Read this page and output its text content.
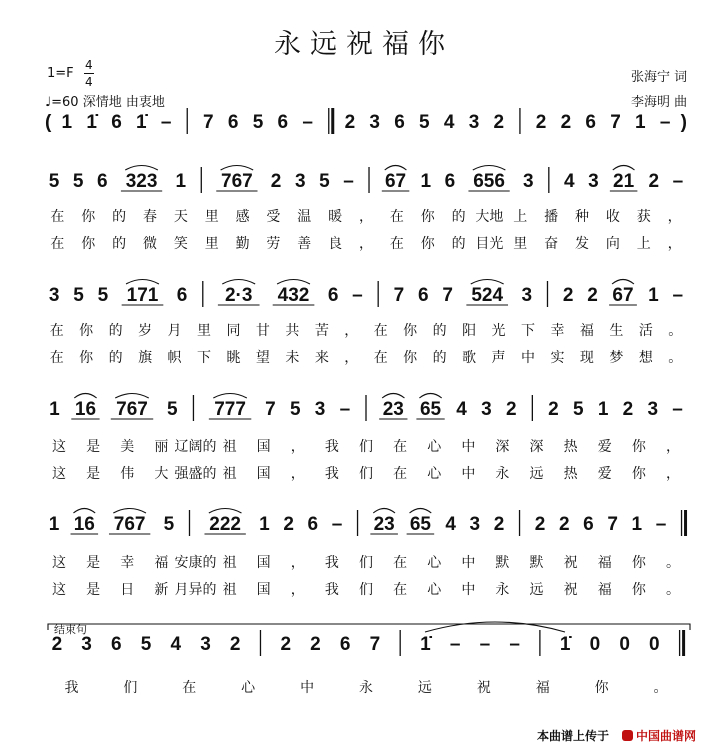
永远祝福你
1=F
4
4
♩=60 深情地 由衷地
张海宁 词
李海明 曲
( 1 1̇ 6 1̇ – 7 6 5 6 – 2 3 6 5 4 3 2 2 2 6 7 1 – )
5 5 6 323 1 767 2 3 5 – 67 1 6 656 3 4 3 21 2 –
3 5 5 171 6 2·3 432 6 – 7 6 7 524 3 2 2 67 1 –
1 16 767 5 777 7 5 3 – 23 65 4 3 2 2 5 1 2 3 –
1 16 767 5 222 1 2 6 – 23 65 4 3 2 2 2 6 7 1 –
2 3 6 5 4 3 2 2 2 6 7 1̇ – – – 1̇ 0 0 0
在 你 的 春 天 里 感 受 温 暖 ， 在 你 的 大地 上 播 种 收 获 ，
在 你 的 微 笑 里 勤 劳 善 良 ， 在 你 的 目光 里 奋 发 向 上 ，
在 你 的 岁 月 里 同 甘 共 苦 ， 在 你 的 阳 光 下 幸 福 生 活 。
在 你 的 旗 帜 下 眺 望 未 来 ， 在 你 的 歌 声 中 实 现 梦 想 。
这 是 美 丽 辽阔的 祖 国 ， 我 们 在 心 中 深 深 热 爱 你 ，
这 是 伟 大 强盛的 祖 国 ， 我 们 在 心 中 永 远 热 爱 你 ，
这 是 幸 福 安康的 祖 国 ， 我 们 在 心 中 默 默 祝 福 你 。
这 是 日 新 月异的 祖 国 ， 我 们 在 心 中 永 远 祝 福 你 。
我	们	在	心	中	永	远	祝	福	你	。
结束句
本曲谱上传于	中国曲谱网
